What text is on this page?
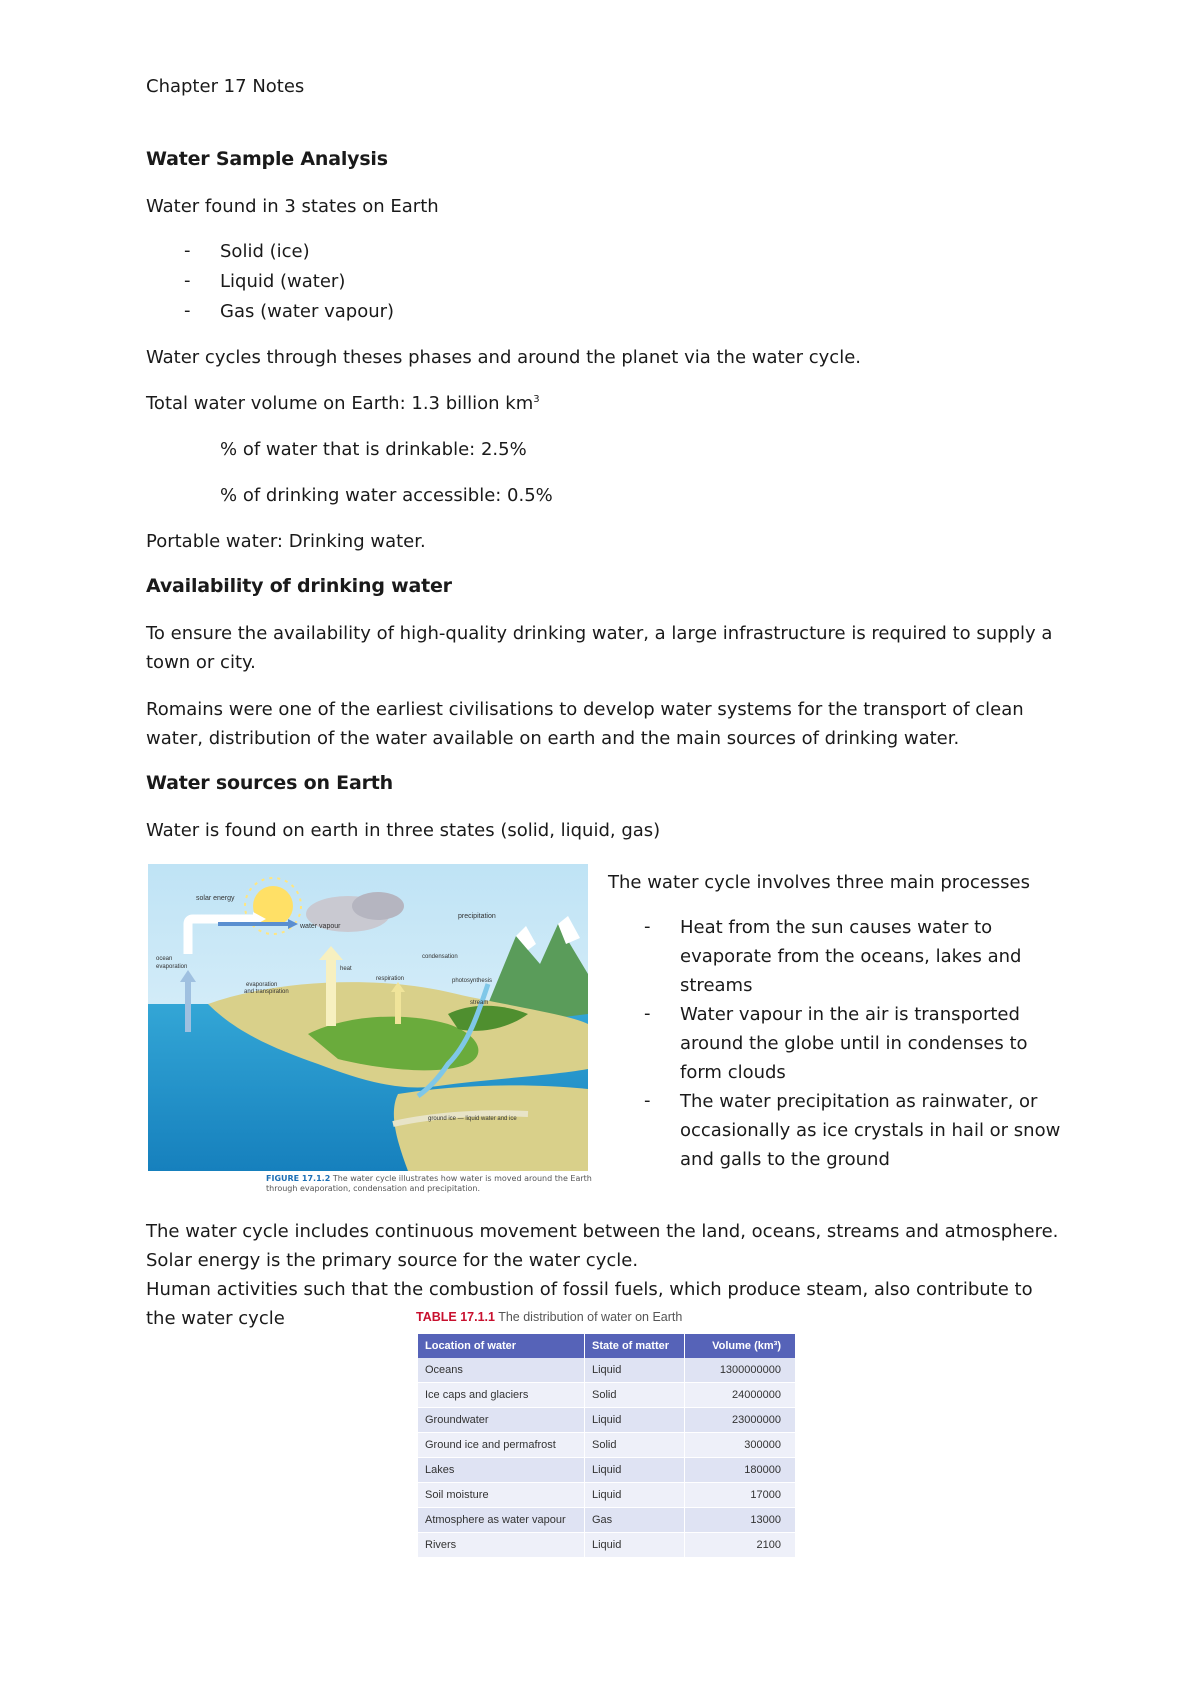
Chapter 17 Notes
Water Sample Analysis
Water found in 3 states on Earth
- Solid (ice)
- Liquid (water)
- Gas (water vapour)
Water cycles through theses phases and around the planet via the water cycle.
Total water volume on Earth: 1.3 billion $km^3$
% of water that is drinkable: 2.5%
% of drinking water accessible: 0.5%
Portable water: Drinking water.
Availability of drinking water
To ensure the availability of high-quality drinking water, a large infrastructure is required to supply a
town or city.
Romains were one of the earliest civilisations to develop water systems for the transport of clean
water, distribution of the water available on earth and the main sources of drinking water.
Water sources on Earth
Water is found on earth in three states (solid, liquid, gas)
solar energy
water vapour
precipitation
ocean
evaporation	heat
evaporation
and transpiration
condensation
photosynthesis
respiration
stream
ground ice — liquid water and ice
FIGURE 17.1.2 The water cycle illustrates how water is moved around the Earth through evaporation, condensation and precipitation.
The water cycle involves three main processes
- Heat from the sun causes water to
evaporate from the oceans, lakes and
streams
- Water vapour in the air is transported
around the globe until in condenses to
form clouds
- The water precipitation as rainwater, or
occasionally as ice crystals in hail or snow
and galls to the ground
The water cycle includes continuous movement between the land, oceans, streams and atmosphere.
Solar energy is the primary source for the water cycle.
Human activities such that the combustion of fossil fuels, which produce steam, also contribute to
the water cycle	TABLE 17.1.1 The distribution of water on Earth
Location of water	State of matter	Volume (km³)
Oceans	Liquid	1300000000
Ice caps and glaciers	Solid	24000000
Groundwater	Liquid	23000000
Ground ice and permafrost	Solid	300000
Lakes	Liquid	180000
Soil moisture	Liquid	17000
Atmosphere as water vapour	Gas	13000
Rivers	Liquid	2100
